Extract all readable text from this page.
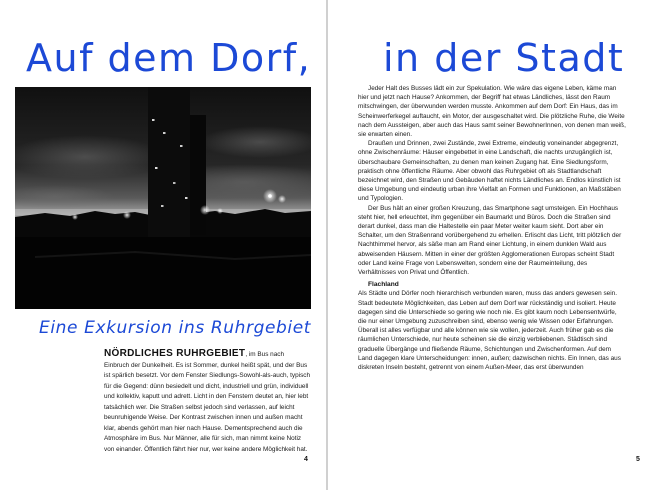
Auf dem Dorf,
Eine Exkursion ins Ruhrgebiet

NÖRDLICHES RUHRGEBIET, im Bus nach Einbruch der Dunkelheit. Es ist Sommer, dunkel heißt spät, und der Bus ist spärlich besetzt. Vor dem Fenster Siedlungs-Sowohl-als-auch, typisch für die Gegend: dünn besiedelt und dicht, industriell und grün, individuell und kollektiv, kaputt und adrett. Licht in den Fenstern deutet an, hier lebt tatsächlich wer. Die Straßen selbst jedoch sind verlassen, auf leicht beunruhigende Weise. Der Kontrast zwischen innen und außen macht klar, abends gehört man hier nach Hause. Dementsprechend auch die Atmosphäre im Bus. Nur Männer, alle für sich, man nimmt keine Notiz von einander. Öffentlich fährt hier nur, wer keine andere Möglichkeit hat.

4

in der Stadt

Jeder Halt des Busses lädt ein zur Spekulation. Wie wäre das eigene Leben, käme man hier und jetzt nach Hause? Ankommen, der Begriff hat etwas Ländliches, lässt den Raum mitschwingen, der überwunden werden musste. Ankommen auf dem Dorf: Ein Haus, das im Scheinwerferkegel auftaucht, ein Motor, der ausgeschaltet wird. Die plötzliche Ruhe, die Weite nach dem Aussteigen, aber auch das Haus samt seiner BewohnerInnen, von denen man weiß, sie erwarten einen.

Draußen und Drinnen, zwei Zustände, zwei Extreme, eindeutig voneinander abgegrenzt, ohne Zwischenräume: Häuser eingebettet in eine Landschaft, die nachts unzugänglich ist, überschaubare Gemeinschaften, zu denen man keinen Zugang hat. Eine Siedlungsform, praktisch ohne öffentliche Räume. Aber obwohl das Ruhrgebiet oft als Stadtlandschaft bezeichnet wird, den Straßen und Gebäuden haftet nichts Ländliches an. Endlos künstlich ist diese Umgebung und eindeutig urban ihre Vielfalt an Formen und Funktionen, an Maßstäben und Typologien.

Der Bus hält an einer großen Kreuzung, das Smartphone sagt umsteigen. Ein Hochhaus steht hier, hell erleuchtet, ihm gegenüber ein Baumarkt und Büros. Doch die Straßen sind derart dunkel, dass man die Haltestelle ein paar Meter weiter kaum sieht. Dort aber ein Schalter, um den Straßenrand vorübergehend zu erhellen. Erlischt das Licht, tritt plötzlich der Nachthimmel hervor, als säße man am Rand einer Lichtung, in einem dunklen Wald aus abweisenden Häusern. Mitten in einer der größten Agglomerationen Europas scheint Stadt oder Land keine Frage von Lebenswelten, sondern eine der Raumeinteilung, des Verhältnisses von Privat und Öffentlich.

Flachland

Als Städte und Dörfer noch hierarchisch verbunden waren, muss das anders gewesen sein. Stadt bedeutete Möglichkeiten, das Leben auf dem Dorf war rückständig und isoliert. Heute dagegen sind die Unterschiede so gering wie noch nie. Es gibt kaum noch Lebensentwürfe, die nur einer Umgebung zuzuschreiben sind, ebenso wenig wie Wissen oder Erfahrungen. Überall ist alles verfügbar und alle können wie sie wollen, jederzeit. Auch früher gab es die räumlichen Unterschiede, nur heute scheinen sie die einzig verbliebenen. Städtisch sind graduelle Übergänge und fließende Räume, Schichtungen und Zwischenformen. Auf dem Land dagegen klare Unterscheidungen: innen, außen; dazwischen nichts. Ein Innen, das aus diskreten Inseln besteht, getrennt von einem Außen-Meer, das erst überwunden

5
